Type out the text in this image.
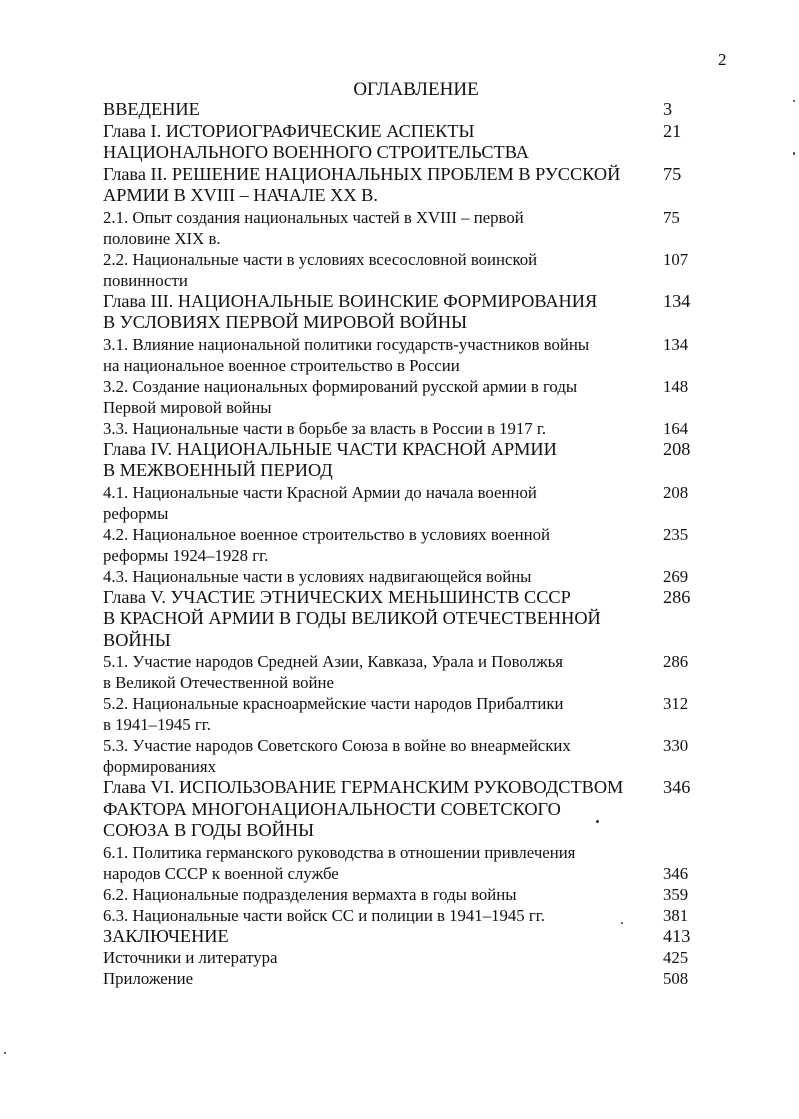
2
ОГЛАВЛЕНИЕ
ВВЕДЕНИЕ	3
Глава I. ИСТОРИОГРАФИЧЕСКИЕ АСПЕКТЫ
НАЦИОНАЛЬНОГО ВОЕННОГО СТРОИТЕЛЬСТВА
21
Глава II. РЕШЕНИЕ НАЦИОНАЛЬНЫХ ПРОБЛЕМ В РУССКОЙ
АРМИИ В XVIII – НАЧАЛЕ XX В.
75
2.1. Опыт создания национальных частей в XVIII – первой
половине XIX в.
75
2.2. Национальные части в условиях всесословной воинской
повинности
107
Глава III. НАЦИОНАЛЬНЫЕ ВОИНСКИЕ ФОРМИРОВАНИЯ
В УСЛОВИЯХ ПЕРВОЙ МИРОВОЙ ВОЙНЫ
134
3.1. Влияние национальной политики государств-участников войны
на национальное военное строительство в России
134
3.2. Создание национальных формирований русской армии в годы
Первой мировой войны
148
3.3. Национальные части в борьбе за власть в России в 1917 г.	164
Глава IV. НАЦИОНАЛЬНЫЕ ЧАСТИ КРАСНОЙ АРМИИ
В МЕЖВОЕННЫЙ ПЕРИОД
208
4.1. Национальные части Красной Армии до начала военной
реформы
208
4.2. Национальное военное строительство в условиях военной
реформы 1924–1928 гг.
235
4.3. Национальные части в условиях надвигающейся войны	269
Глава V. УЧАСТИЕ ЭТНИЧЕСКИХ МЕНЬШИНСТВ СССР
В КРАСНОЙ АРМИИ В ГОДЫ ВЕЛИКОЙ ОТЕЧЕСТВЕННОЙ
ВОЙНЫ
286
5.1. Участие народов Средней Азии, Кавказа, Урала и Поволжья
в Великой Отечественной войне
286
5.2. Национальные красноармейские части народов Прибалтики
в 1941–1945 гг.
312
5.3. Участие народов Советского Союза в войне во внеармейских
формированиях
330
Глава VI. ИСПОЛЬЗОВАНИЕ ГЕРМАНСКИМ РУКОВОДСТВОМ
ФАКТОРА МНОГОНАЦИОНАЛЬНОСТИ СОВЕТСКОГО
СОЮЗА В ГОДЫ ВОЙНЫ
346
6.1. Политика германского руководства в отношении привлечения
народов СССР к военной службе	
346
6.2. Национальные подразделения вермахта в годы войны	359
6.3. Национальные части войск СС и полиции в 1941–1945 гг.	381
ЗАКЛЮЧЕНИЕ	413
Источники и литература	425
Приложение	508
